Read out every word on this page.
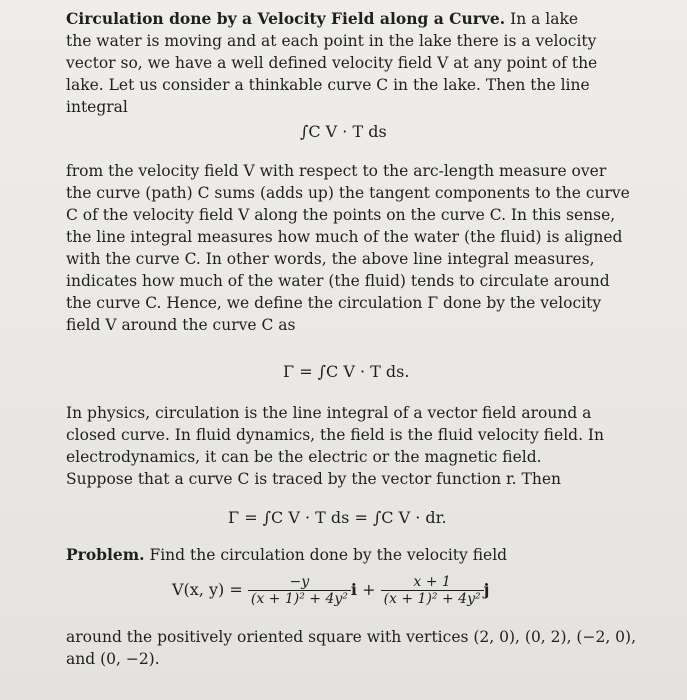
Circulation done by a Velocity Field along a Curve. In a lake
the water is moving and at each point in the lake there is a velocity
vector so, we have a well defined velocity field V at any point of the
lake. Let us consider a thinkable curve C in the lake. Then the line
integral
∫C V · T ds
from the velocity field V with respect to the arc-length measure over
the curve (path) C sums (adds up) the tangent components to the curve
C of the velocity field V along the points on the curve C. In this sense,
the line integral measures how much of the water (the fluid) is aligned
with the curve C. In other words, the above line integral measures,
indicates how much of the water (the fluid) tends to circulate around
the curve C. Hence, we define the circulation Γ done by the velocity
field V around the curve C as
Γ = ∫C V · T ds.
In physics, circulation is the line integral of a vector field around a
closed curve. In fluid dynamics, the field is the fluid velocity field. In
electrodynamics, it can be the electric or the magnetic field.
Suppose that a curve C is traced by the vector function r. Then
Γ = ∫C V · T ds = ∫C V · dr.
Problem. Find the circulation done by the velocity field
V(x, $y) = \frac{-y}{\text{(x + 1)² + 4y²}}$ $i + \frac{x + 1}{\text{(x + 1)² + 4y²}}$ j
around the positively oriented square with vertices (2, 0), (0, 2), (−2, 0),
and (0, −2).
